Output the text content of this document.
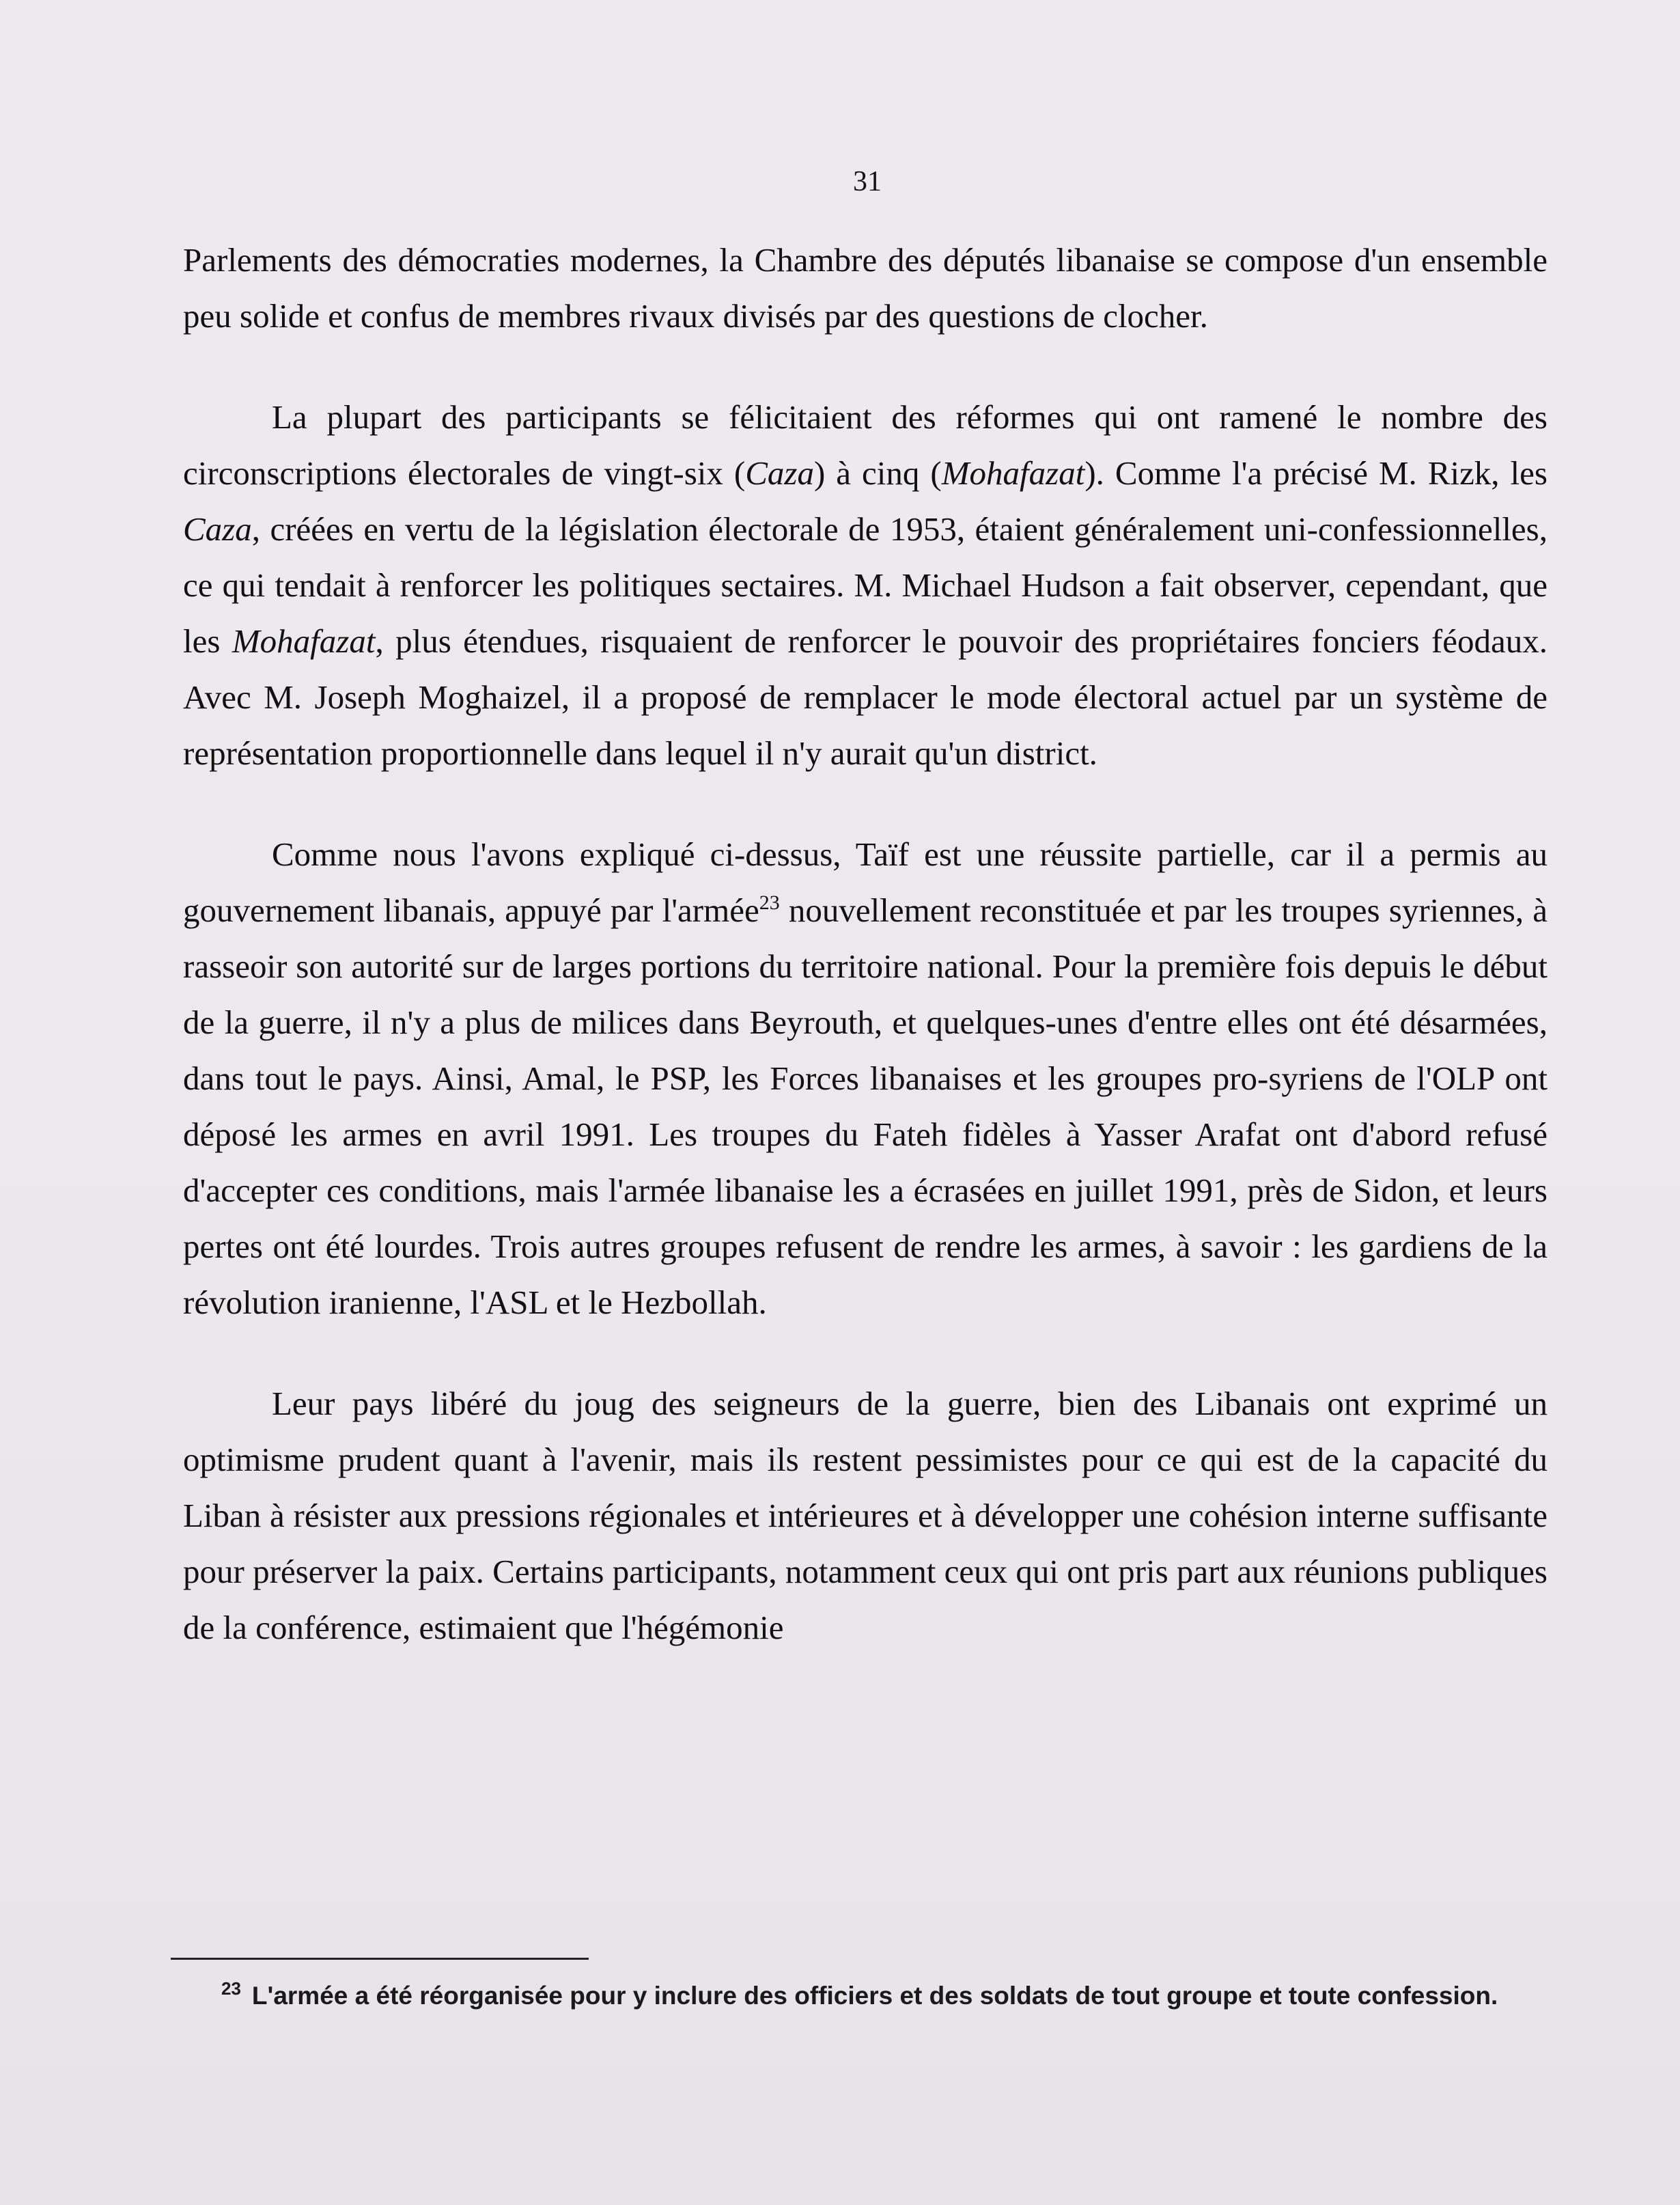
31

Parlements des démocraties modernes, la Chambre des députés libanaise se compose d'un ensemble peu solide et confus de membres rivaux divisés par des questions de clocher.

La plupart des participants se félicitaient des réformes qui ont ramené le nombre des circonscriptions électorales de vingt-six (Caza) à cinq (Mohafazat). Comme l'a précisé M. Rizk, les Caza, créées en vertu de la législation électorale de 1953, étaient généralement uni-confessionnelles, ce qui tendait à renforcer les politiques sectaires. M. Michael Hudson a fait observer, cependant, que les Mohafazat, plus étendues, risquaient de renforcer le pouvoir des propriétaires fonciers féodaux. Avec M. Joseph Moghaizel, il a proposé de remplacer le mode électoral actuel par un système de représentation proportionnelle dans lequel il n'y aurait qu'un district.

Comme nous l'avons expliqué ci-dessus, Taïf est une réussite partielle, car il a permis au gouvernement libanais, appuyé par l'armée$^{23}$ nouvellement reconstituée et par les troupes syriennes, à rasseoir son autorité sur de larges portions du territoire national. Pour la première fois depuis le début de la guerre, il n'y a plus de milices dans Beyrouth, et quelques-unes d'entre elles ont été désarmées, dans tout le pays. Ainsi, Amal, le PSP, les Forces libanaises et les groupes pro-syriens de l'OLP ont déposé les armes en avril 1991. Les troupes du Fateh fidèles à Yasser Arafat ont d'abord refusé d'accepter ces conditions, mais l'armée libanaise les a écrasées en juillet 1991, près de Sidon, et leurs pertes ont été lourdes. Trois autres groupes refusent de rendre les armes, à savoir : les gardiens de la révolution iranienne, l'ASL et le Hezbollah.

Leur pays libéré du joug des seigneurs de la guerre, bien des Libanais ont exprimé un optimisme prudent quant à l'avenir, mais ils restent pessimistes pour ce qui est de la capacité du Liban à résister aux pressions régionales et intérieures et à développer une cohésion interne suffisante pour préserver la paix. Certains participants, notamment ceux qui ont pris part aux réunions publiques de la conférence, estimaient que l'hégémonie

$^{23}$ L'armée a été réorganisée pour y inclure des officiers et des soldats de tout groupe et toute confession.
